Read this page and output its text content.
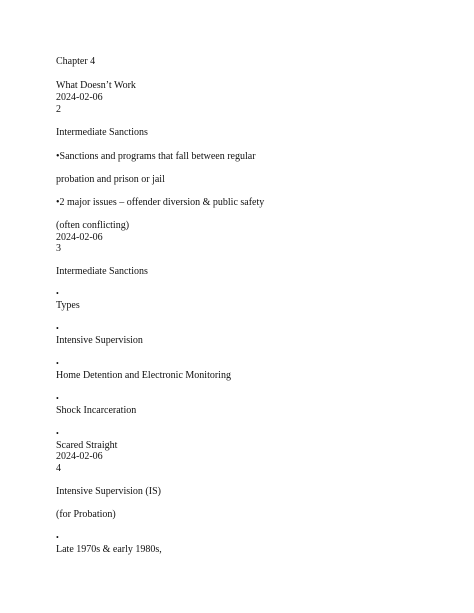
Chapter 4
What Doesn’t Work
2024-02-06
2
Intermediate Sanctions
•Sanctions and programs that fall between regular
probation and prison or jail
•2 major issues – offender diversion & public safety
(often conflicting)
2024-02-06
3
Intermediate Sanctions
•
Types
•
Intensive Supervision
•
Home Detention and Electronic Monitoring
•
Shock Incarceration
•
Scared Straight
2024-02-06
4
Intensive Supervision (IS)
(for Probation)
•
Late 1970s & early 1980s,
